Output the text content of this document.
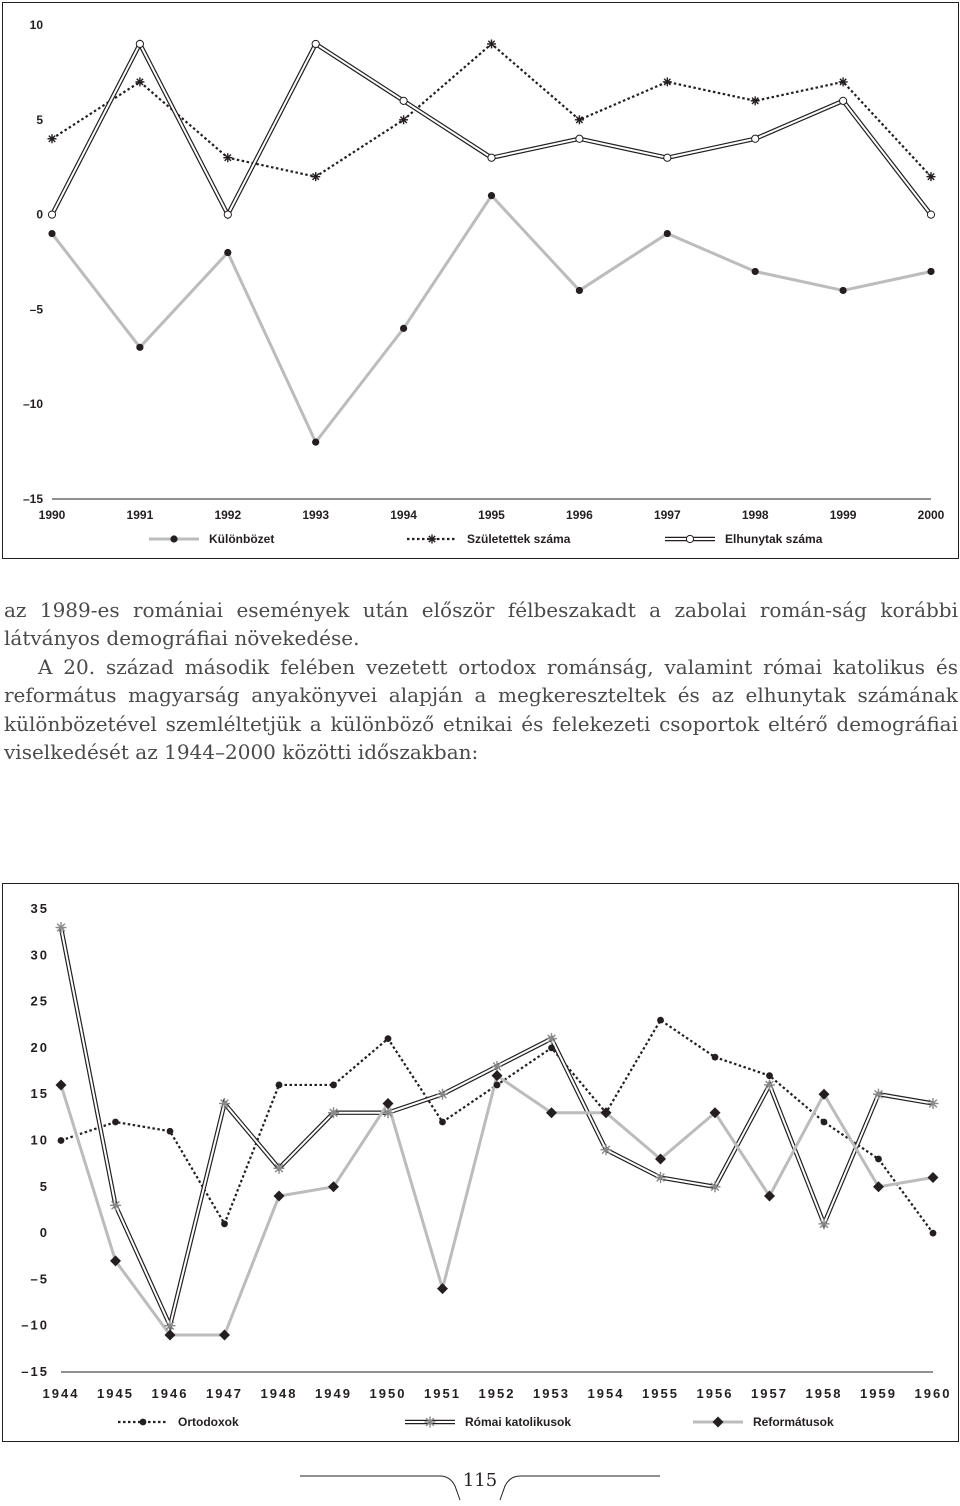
10
5
0
–5
–10
–15
1990	1991	1992	1993	1994	1995	1996	1997	1998	1999	2000
Különbözet	Születettek száma	Elhunytak száma

az 1989-es romániai események után először félbeszakadt a zabolai román-ság korábbi látványos demográfiai növekedése.

A 20. század második felében vezetett ortodox románság, valamint római katolikus és református magyarság anyakönyvei alapján a megkereszteltek és az elhunytak számának különbözetével szemléltetjük a különböző etnikai és felekezeti csoportok eltérő demográfiai viselkedését az 1944–2000 közötti időszakban:

35
30
25
20
15
10
5
0
–5
–10
–15
1944 1945 1946 1947 1948 1949 1950 1951 1952 1953 1954 1955 1956 1957 1958 1959 1960
Ortodoxok	Római katolikusok	Reformátusok
115
